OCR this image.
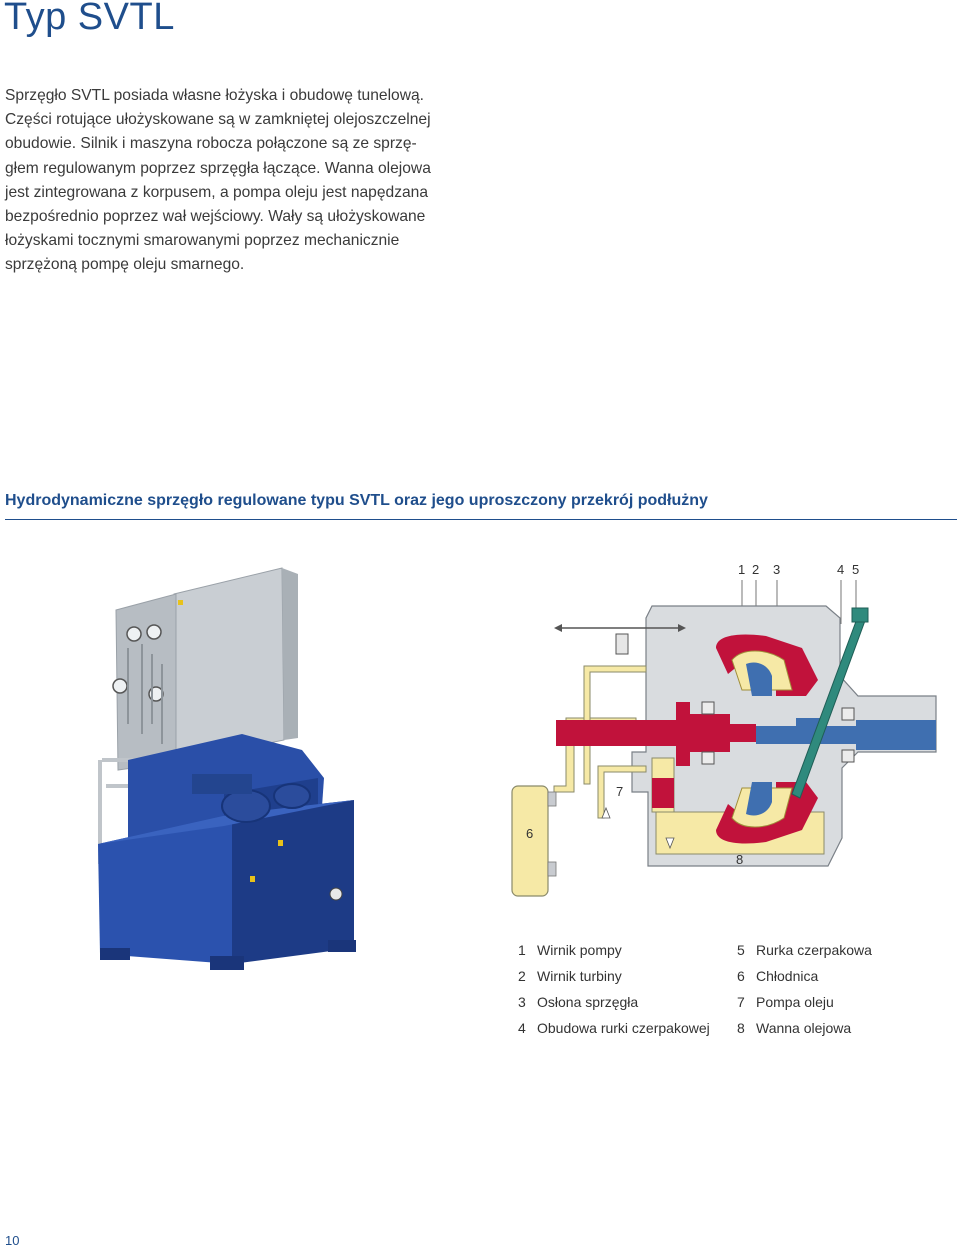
Typ SVTL
Sprzęgło SVTL posiada własne łożyska i obudowę tunelową.
Części rotujące ułożyskowane są w zamkniętej olejoszczelnej
obudowie. Silnik i maszyna robocza połączone są ze sprzę-
głem regulowanym poprzez sprzęgła łączące. Wanna olejowa
jest zintegrowana z korpusem, a pompa oleju jest napędzana
bezpośrednio poprzez wał wejściowy. Wały są ułożyskowane
łożyskami tocznymi smarowanymi poprzez mechanicznie
sprzężoną pompę oleju smarnego.
Hydrodynamiczne sprzęgło regulowane typu SVTL oraz jego uproszczony przekrój podłużny
1 2 3	4 5
8
6
7
1 Wirnik pompy	5 Rurka czerpakowa
2 Wirnik turbiny	6 Chłodnica
3 Osłona sprzęgła	7 Pompa oleju
4 Obudowa rurki czerpakowej 8 Wanna olejowa
10
